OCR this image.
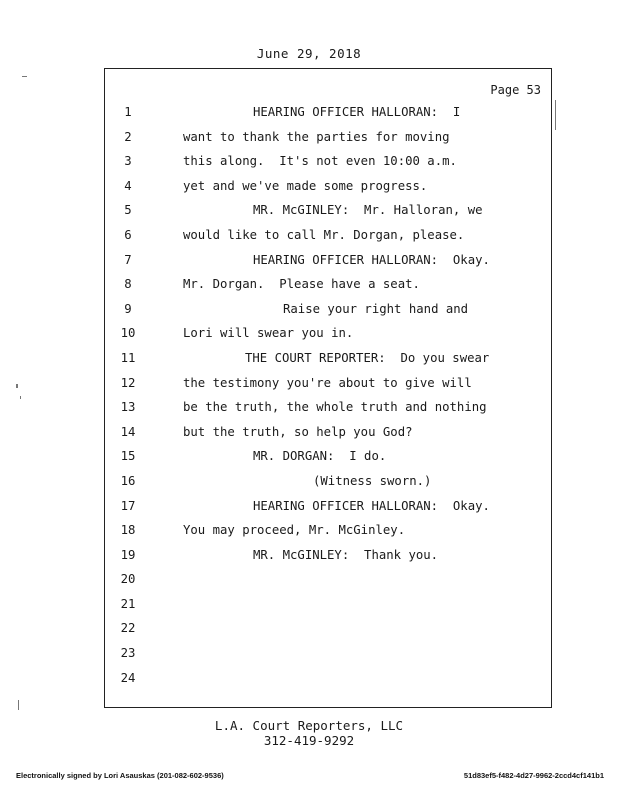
June 29, 2018
Page 53
1	HEARING OFFICER HALLORAN:  I
2	want to thank the parties for moving
3	this along.  It's not even 10:00 a.m.
4	yet and we've made some progress.
5	MR. McGINLEY:  Mr. Halloran, we
6	would like to call Mr. Dorgan, please.
7	HEARING OFFICER HALLORAN:  Okay.
8	Mr. Dorgan.  Please have a seat.
9	Raise your right hand and
10	Lori will swear you in.
11	THE COURT REPORTER:  Do you swear
12	the testimony you're about to give will
13	be the truth, the whole truth and nothing
14	but the truth, so help you God?
15	MR. DORGAN:  I do.
16	(Witness sworn.)
17	HEARING OFFICER HALLORAN:  Okay.
18	You may proceed, Mr. McGinley.
19	MR. McGINLEY:  Thank you.
20
21
22
23
24
L.A. Court Reporters, LLC
312-419-9292
Electronically signed by Lori Asauskas (201-082-602-9536)	51d83ef5-f482-4d27-9962-2ccd4cf141b1
